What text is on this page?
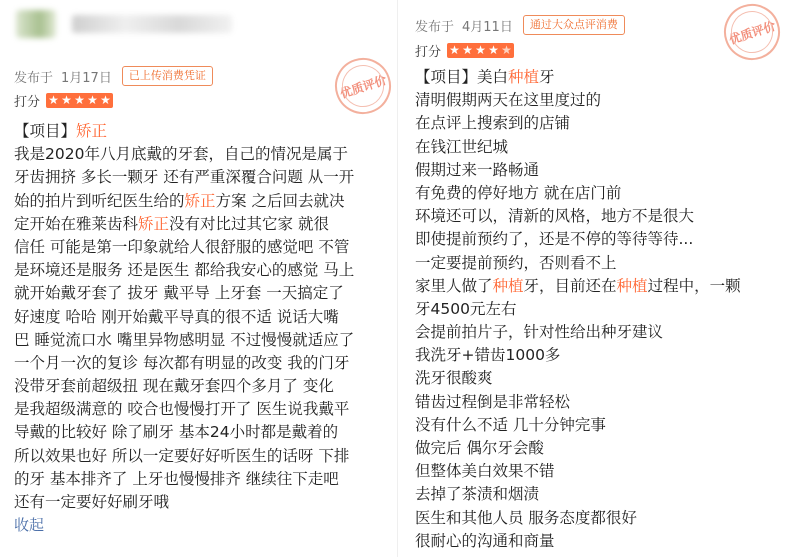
发布于 1月17日	已上传消费凭证
打分 ★ ★ ★ ★ ★	优质评价
【项目】 矫正
我是2020年八月底戴的牙套，自己的情况是属于
牙齿拥挤 多长一颗牙 还有严重深覆合问题 从一开
始的拍片到听纪医生给的 矫正 方案 之后回去就决
定开始在雅莱齿科 矫正 没有对比过其它家 就很
信任 可能是第一印象就给人很舒服的感觉吧 不管
是环境还是服务 还是医生 都给我安心的感觉 马上
就开始戴牙套了 拔牙 戴平导 上牙套 一天搞定了
好速度 哈哈 刚开始戴平导真的很不适 说话大嘴
巴 睡觉流口水 嘴里异物感明显 不过慢慢就适应了
一个月一次的复诊 每次都有明显的改变 我的门牙
没带牙套前超级扭 现在戴牙套四个多月了 变化
是我超级满意的 咬合也慢慢打开了 医生说我戴平
导戴的比较好 除了刷牙 基本24小时都是戴着的
所以效果也好 所以一定要好好听医生的话呀 下排
的牙 基本排齐了 上牙也慢慢排齐 继续往下走吧
还有一定要好好刷牙哦
收起
发布于 4月11日	通过大众点评消费
打分 ★ ★ ★ ★ ★
优质评价
【项目】 美白 种植 牙
清明假期两天在这里度过的
在点评上搜索到的店铺
在钱江世纪城
假期过来一路畅通
有免费的停好地方 就在店门前
环境还可以，清新的风格，地方不是很大
即使提前预约了，还是不停的等待等待...
一定要提前预约，否则看不上
家里人做了 种植 牙，目前还在 种植 过程中，一颗
牙4500元左右
会提前拍片子，针对性给出种牙建议
我洗牙+错齿1000多
洗牙很酸爽
错齿过程倒是非常轻松
没有什么不适 几十分钟完事
做完后 偶尔牙会酸
但整体美白效果不错
去掉了茶渍和烟渍
医生和其他人员 服务态度都很好
很耐心的沟通和商量
